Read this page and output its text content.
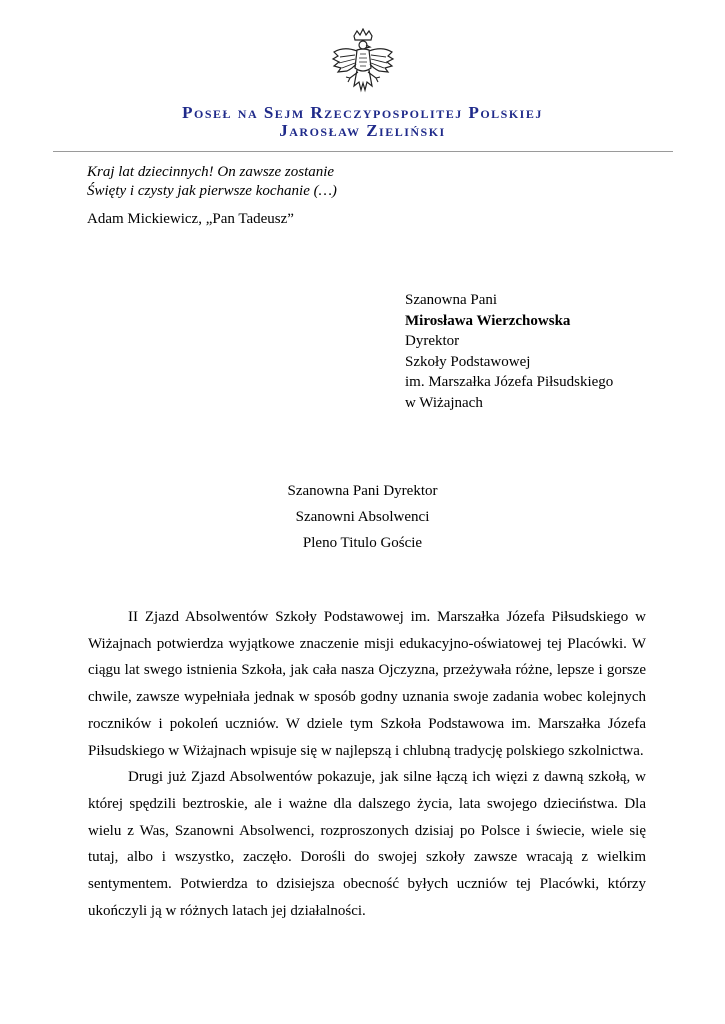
Poseł na Sejm Rzeczypospolitej Polskiej
Jarosław Zieliński
Kraj lat dziecinnych! On zawsze zostanie
Święty i czysty jak pierwsze kochanie (…)
Adam Mickiewicz, „Pan Tadeusz”
Szanowna Pani
Mirosława Wierzchowska
Dyrektor
Szkoły Podstawowej
im. Marszałka Józefa Piłsudskiego
w Wiżajnach
Szanowna Pani Dyrektor
Szanowni Absolwenci
Pleno Titulo Goście

II Zjazd Absolwentów Szkoły Podstawowej im. Marszałka Józefa Piłsudskiego w Wiżajnach potwierdza wyjątkowe znaczenie misji edukacyjno-oświatowej tej Placówki. W ciągu lat swego istnienia Szkoła, jak cała nasza Ojczyzna, przeżywała różne, lepsze i gorsze chwile, zawsze wypełniała jednak w sposób godny uznania swoje zadania wobec kolejnych roczników i pokoleń uczniów. W dziele tym Szkoła Podstawowa im. Marszałka Józefa Piłsudskiego w Wiżajnach wpisuje się w najlepszą i chlubną tradycję polskiego szkolnictwa.

Drugi już Zjazd Absolwentów pokazuje, jak silne łączą ich więzi z dawną szkołą, w której spędzili beztroskie, ale i ważne dla dalszego życia, lata swojego dzieciństwa. Dla wielu z Was, Szanowni Absolwenci, rozproszonych dzisiaj po Polsce i świecie, wiele się tutaj, albo i wszystko, zaczęło. Dorośli do swojej szkoły zawsze wracają z wielkim sentymentem. Potwierdza to dzisiejsza obecność byłych uczniów tej Placówki, którzy ukończyli ją w różnych latach jej działalności.
